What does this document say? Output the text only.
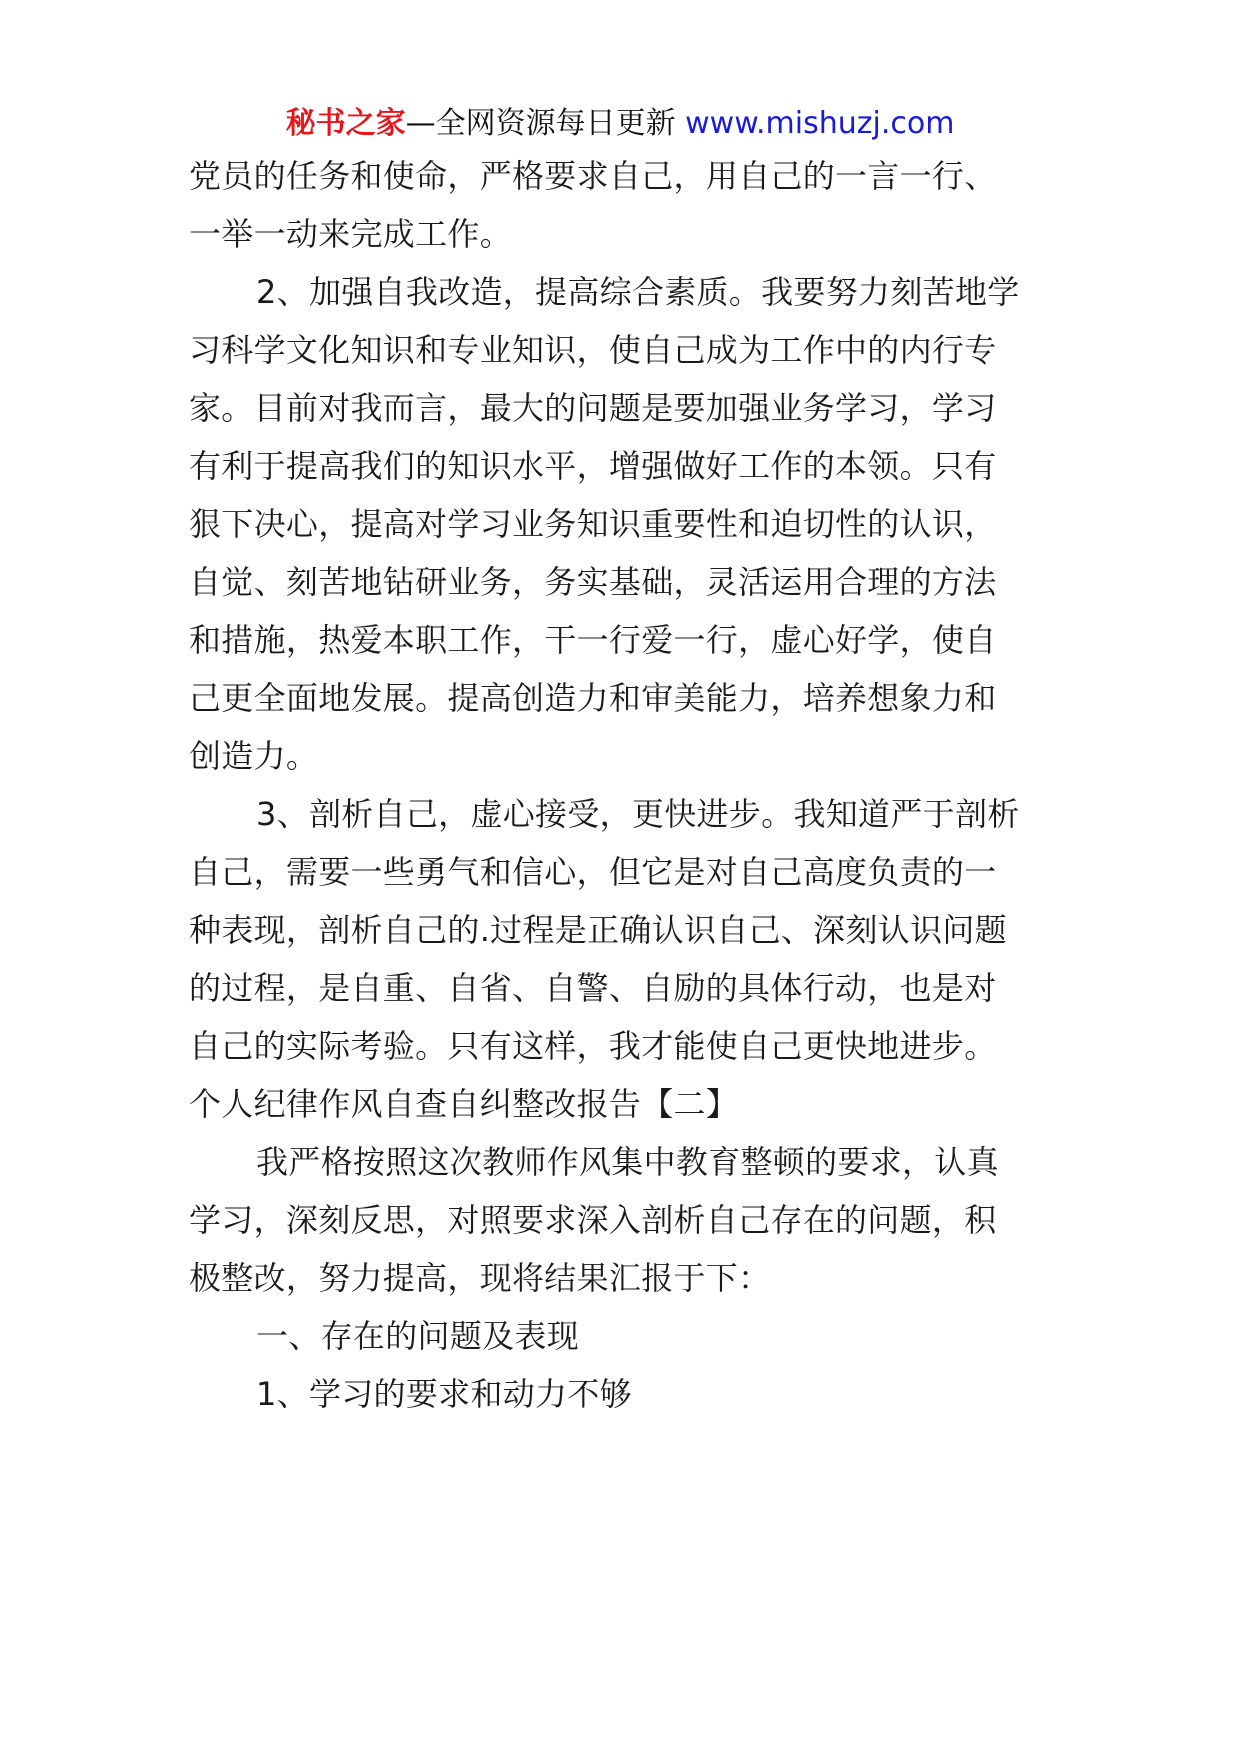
秘书之家—全网资源每日更新 www.mishuzj.com
党员的任务和使命，严格要求自己，用自己的一言一行、
一举一动来完成工作。
2、加强自我改造，提高综合素质。我要努力刻苦地学
习科学文化知识和专业知识，使自己成为工作中的内行专
家。目前对我而言，最大的问题是要加强业务学习，学习
有利于提高我们的知识水平，增强做好工作的本领。只有
狠下决心，提高对学习业务知识重要性和迫切性的认识，
自觉、刻苦地钻研业务，务实基础，灵活运用合理的方法
和措施，热爱本职工作，干一行爱一行，虚心好学，使自
己更全面地发展。提高创造力和审美能力，培养想象力和
创造力。
3、剖析自己，虚心接受，更快进步。我知道严于剖析
自己，需要一些勇气和信心，但它是对自己高度负责的一
种表现，剖析自己的.过程是正确认识自己、深刻认识问题
的过程，是自重、自省、自警、自励的具体行动，也是对
自己的实际考验。只有这样，我才能使自己更快地进步。
个人纪律作风自查自纠整改报告【二】
我严格按照这次教师作风集中教育整顿的要求，认真
学习，深刻反思，对照要求深入剖析自己存在的问题，积
极整改，努力提高，现将结果汇报于下：
一、存在的问题及表现
1、学习的要求和动力不够
